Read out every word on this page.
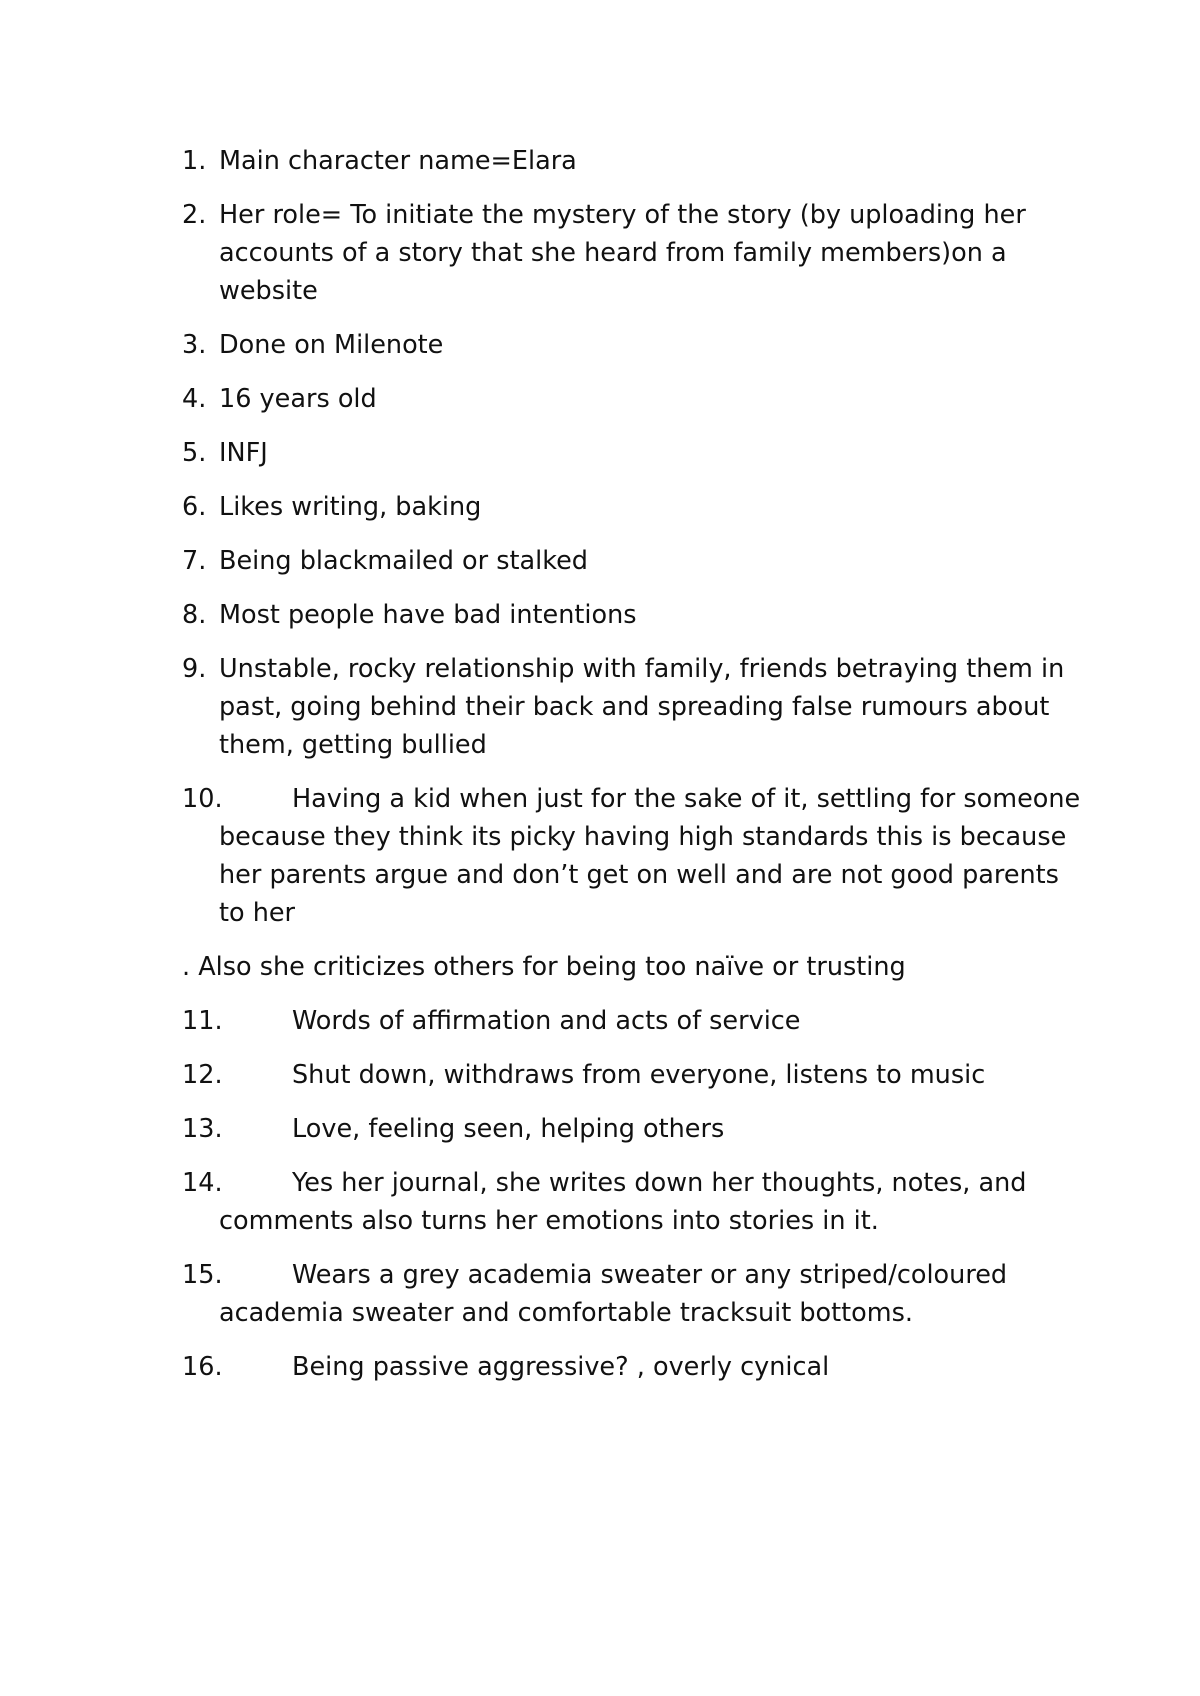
1. Main character name=Elara
2. Her role= To initiate the mystery of the story (by uploading her accounts of a story that she heard from family members)on a website
3. Done on Milenote
4. 16 years old
5. INFJ
6. Likes writing, baking
7. Being blackmailed or stalked
8. Most people have bad intentions
9. Unstable, rocky relationship with family, friends betraying them in past, going behind their back and spreading false rumours about them, getting bullied
10.	Having a kid when just for the sake of it, settling for someone because they think its picky having high standards this is because her parents argue and don’t get on well and are not good parents to her
. Also she criticizes others for being too naïve or trusting
11.	Words of affirmation and acts of service
12.	Shut down, withdraws from everyone, listens to music
13.	Love, feeling seen, helping others
14.	Yes her journal, she writes down her thoughts, notes, and comments also turns her emotions into stories in it.
15.	Wears a grey academia sweater or any striped/coloured academia sweater and comfortable tracksuit bottoms.
16.	Being passive aggressive? , overly cynical
